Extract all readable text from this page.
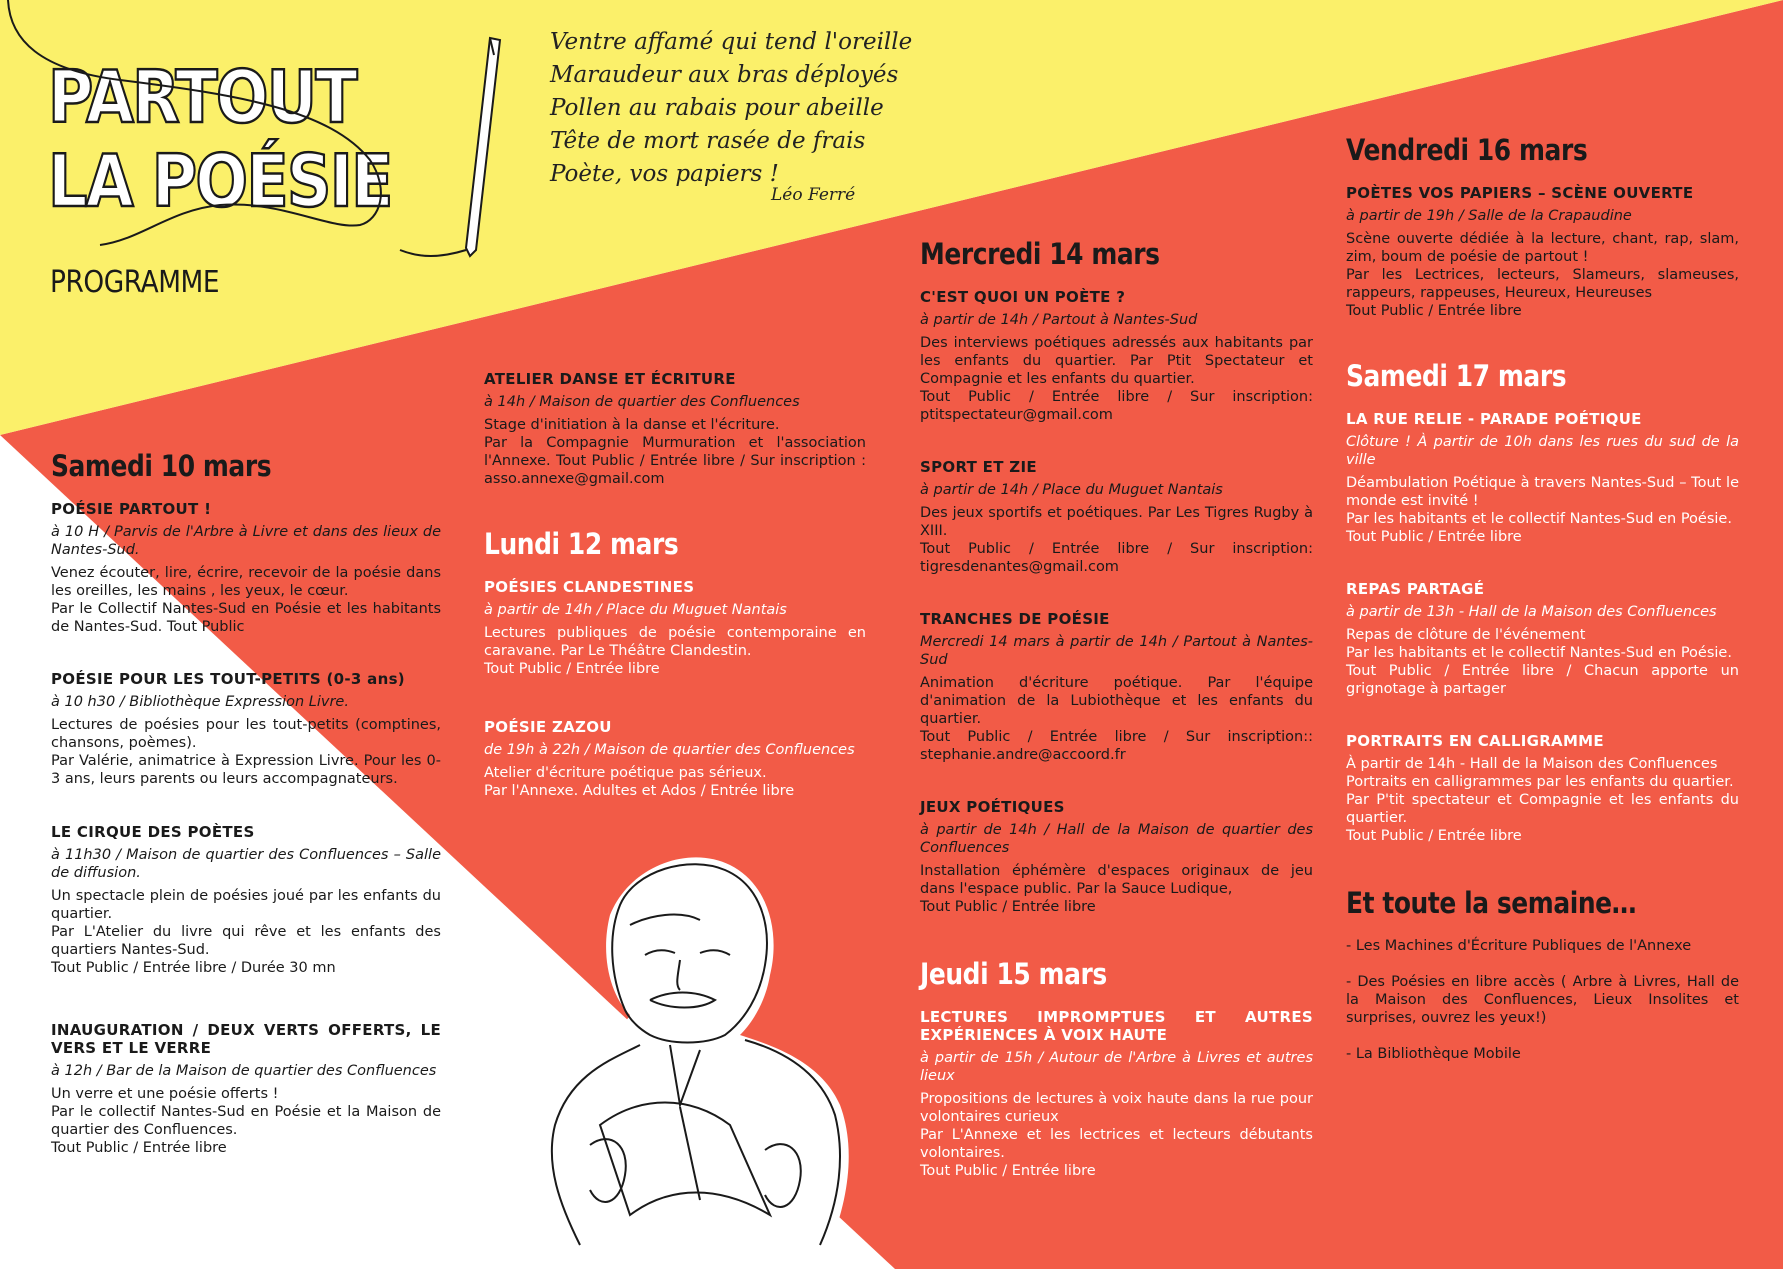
PARTOUT
LA POÉSIE
PROGRAMME
Ventre affamé qui tend l'oreille
Maraudeur aux bras déployés
Pollen au rabais pour abeille
Tête de mort rasée de frais
Poète, vos papiers !
Léo Ferré
Samedi 10 mars
POÉSIE PARTOUT !
à 10 H / Parvis de l'Arbre à Livre et dans des lieux de Nantes-Sud.
Venez écouter, lire, écrire, recevoir de la poésie dans les oreilles, les mains , les yeux, le cœur.
Par le Collectif Nantes-Sud en Poésie et les habitants de Nantes-Sud. Tout Public
POÉSIE POUR LES TOUT-PETITS (0-3 ans)
à 10 h30 / Bibliothèque Expression Livre.
Lectures de poésies pour les tout-petits (comptines, chansons, poèmes).
Par Valérie, animatrice à Expression Livre. Pour les 0-3 ans, leurs parents ou leurs accompagnateurs.
LE CIRQUE DES POÈTES
à 11h30 / Maison de quartier des Confluences – Salle de diffusion.
Un spectacle plein de poésies joué par les enfants du quartier.
Par L'Atelier du livre qui rêve et les enfants des quartiers Nantes-Sud.
Tout Public / Entrée libre / Durée 30 mn
INAUGURATION / DEUX VERTS OFFERTS, LE VERS ET LE VERRE
à 12h / Bar de la Maison de quartier des Confluences
Un verre et une poésie offerts !
Par le collectif Nantes-Sud en Poésie et la Maison de quartier des Confluences.
Tout Public / Entrée libre
ATELIER DANSE ET ÉCRITURE
à 14h / Maison de quartier des Confluences
Stage d'initiation à la danse et l'écriture.
Par la Compagnie Murmuration et l'association l'Annexe. Tout Public / Entrée libre / Sur inscription : asso.annexe@gmail.com
Lundi 12 mars
POÉSIES CLANDESTINES
à partir de 14h / Place du Muguet Nantais
Lectures publiques de poésie contemporaine en caravane. Par Le Théâtre Clandestin.
Tout Public / Entrée libre
POÉSIE ZAZOU
de 19h à 22h / Maison de quartier des Confluences
Atelier d'écriture poétique pas sérieux.
Par l'Annexe. Adultes et Ados / Entrée libre
Mercredi 14 mars
C'EST QUOI UN POÈTE ?
à partir de 14h / Partout à Nantes-Sud
Des interviews poétiques adressés aux habitants par les enfants du quartier. Par Ptit Spectateur et Compagnie et les enfants du quartier.
Tout Public / Entrée libre / Sur inscription: ptitspectateur@gmail.com
SPORT ET ZIE
à partir de 14h / Place du Muguet Nantais
Des jeux sportifs et poétiques. Par Les Tigres Rugby à XIII.
Tout Public / Entrée libre / Sur inscription: tigresdenantes@gmail.com
TRANCHES DE POÉSIE
Mercredi 14 mars à partir de 14h / Partout à Nantes-Sud
Animation d'écriture poétique. Par l'équipe d'animation de la Lubiothèque et les enfants du quartier.
Tout Public / Entrée libre / Sur inscription:: stephanie.andre@accoord.fr
JEUX POÉTIQUES
à partir de 14h / Hall de la Maison de quartier des Confluences
Installation éphémère d'espaces originaux de jeu dans l'espace public. Par la Sauce Ludique,
Tout Public / Entrée libre
Jeudi 15 mars
LECTURES IMPROMPTUES ET AUTRES EXPÉRIENCES À VOIX HAUTE
à partir de 15h / Autour de l'Arbre à Livres et autres lieux
Propositions de lectures à voix haute dans la rue pour volontaires curieux
Par L'Annexe et les lectrices et lecteurs débutants volontaires.
Tout Public / Entrée libre
Vendredi 16 mars
POÈTES VOS PAPIERS – SCÈNE OUVERTE
à partir de 19h / Salle de la Crapaudine
Scène ouverte dédiée à la lecture, chant, rap, slam, zim, boum de poésie de partout !
Par les Lectrices, lecteurs, Slameurs, slameuses, rappeurs, rappeuses, Heureux, Heureuses
Tout Public / Entrée libre
Samedi 17 mars
LA RUE RELIE - PARADE POÉTIQUE
Clôture ! À partir de 10h dans les rues du sud de la ville
Déambulation Poétique à travers Nantes-Sud – Tout le monde est invité !
Par les habitants et le collectif Nantes-Sud en Poésie.
Tout Public / Entrée libre
REPAS PARTAGÉ
à partir de 13h - Hall de la Maison des Confluences
Repas de clôture de l'événement
Par les habitants et le collectif Nantes-Sud en Poésie.
Tout Public / Entrée libre / Chacun apporte un grignotage à partager
PORTRAITS EN CALLIGRAMME
À partir de 14h - Hall de la Maison des Confluences
Portraits en calligrammes par les enfants du quartier.
Par P'tit spectateur et Compagnie et les enfants du quartier.
Tout Public / Entrée libre
Et toute la semaine…
- Les Machines d'Écriture Publiques de l'Annexe
- Des Poésies en libre accès ( Arbre à Livres, Hall de la Maison des Confluences, Lieux Insolites et surprises, ouvrez les yeux!)
- La Bibliothèque Mobile
